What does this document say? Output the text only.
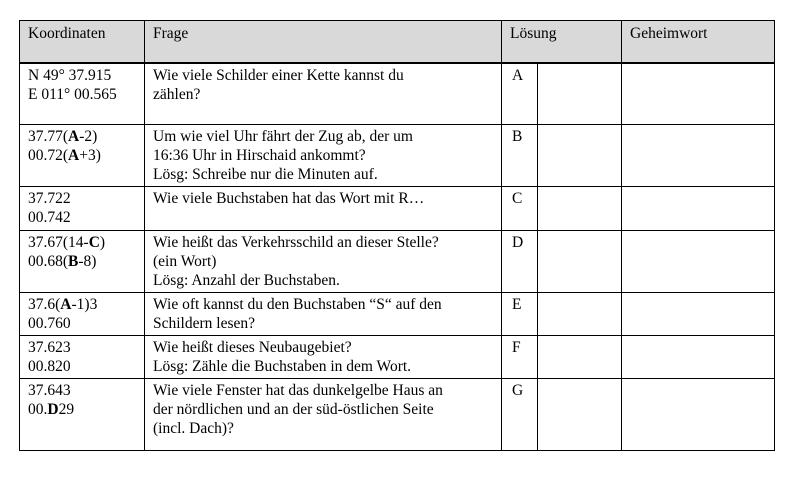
Koordinaten	Frage	Lösung		Geheimwort

N 49° 37.915
E 011° 00.565	Wie viele Schilder einer Kette kannst du
zählen?	A		

37.77(A-2)
00.72(A+3)	Um wie viel Uhr fährt der Zug ab, der um
16:36 Uhr in Hirschaid ankommt?
Lösg: Schreibe nur die Minuten auf.	B		

37.722
00.742	Wie viele Buchstaben hat das Wort mit R…	C		

37.67(14-C)
00.68(B-8)	Wie heißt das Verkehrsschild an dieser Stelle?
(ein Wort)
Lösg: Anzahl der Buchstaben.	D		

37.6(A-1)3
00.760	Wie oft kannst du den Buchstaben “S“ auf den
Schildern lesen?	E		

37.623
00.820	Wie heißt dieses Neubaugebiet?
Lösg: Zähle die Buchstaben in dem Wort.	F		

37.643
00.D29	Wie viele Fenster hat das dunkelgelbe Haus an
der nördlichen und an der süd-östlichen Seite
(incl. Dach)?	G		
